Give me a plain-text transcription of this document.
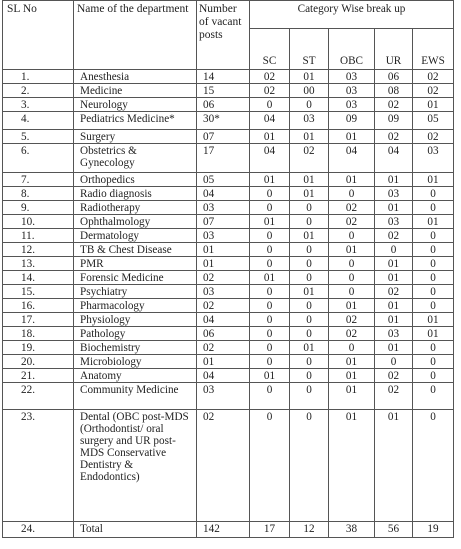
SL No	Name of the department	Number of vacant posts	Category Wise break up				
			SC	ST	OBC	UR	EWS
1.	Anesthesia	14	02	01	03	06	02
2.	Medicine	15	02	00	03	08	02
3.	Neurology	06	0	0	03	02	01
4.	Pediatrics Medicine*	30*	04	03	09	09	05
5.	Surgery	07	01	01	01	02	02
6.	Obstetrics & Gynecology	17	04	02	04	04	03
7.	Orthopedics	05	01	01	01	01	01
8.	Radio diagnosis	04	0	01	0	03	0
9.	Radiotherapy	03	0	0	02	01	0
10.	Ophthalmology	07	01	0	02	03	01
11.	Dermatology	03	0	01	0	02	0
12.	TB & Chest Disease	01	0	0	01	0	0
13.	PMR	01	0	0	0	01	0
14.	Forensic Medicine	02	01	0	0	01	0
15.	Psychiatry	03	0	01	0	02	0
16.	Pharmacology	02	0	0	01	01	0
17.	Physiology	04	0	0	02	01	01
18.	Pathology	06	0	0	02	03	01
19.	Biochemistry	02	0	01	0	01	0
20.	Microbiology	01	0	0	01	0	0
21.	Anatomy	04	01	0	01	02	0
22.	Community Medicine	03	0	0	01	02	0
23.	Dental (OBC post-MDS (Orthodontist/ oral surgery and UR post-MDS Conservative Dentistry & Endodontics)	02	0	0	01	01	0
24.	Total	142	17	12	38	56	19
